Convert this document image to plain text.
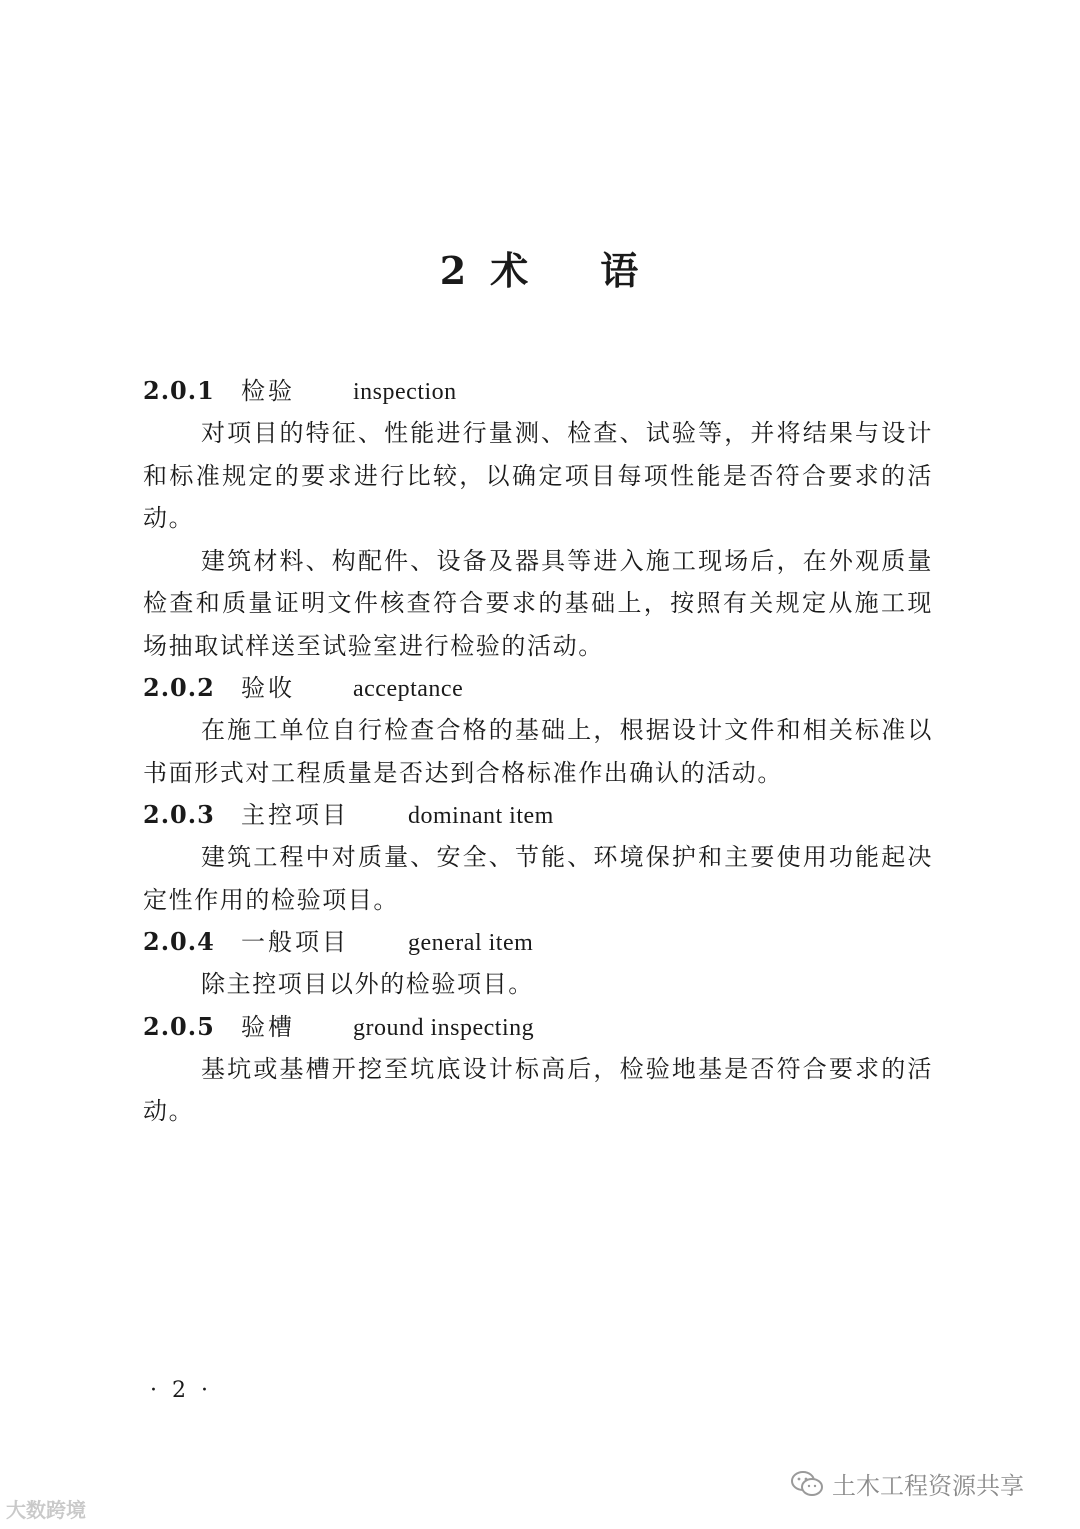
2 术 语
2.0.1 检验 inspection

对项目的特征、性能进行量测、检查、试验等，并将结果与设计和标准规定的要求进行比较，以确定项目每项性能是否符合要求的活动。

建筑材料、构配件、设备及器具等进入施工现场后，在外观质量检查和质量证明文件核查符合要求的基础上，按照有关规定从施工现场抽取试样送至试验室进行检验的活动。

2.0.2 验收 acceptance

在施工单位自行检查合格的基础上，根据设计文件和相关标准以书面形式对工程质量是否达到合格标准作出确认的活动。

2.0.3 主控项目 dominant item

建筑工程中对质量、安全、节能、环境保护和主要使用功能起决定性作用的检验项目。

2.0.4 一般项目 general item

除主控项目以外的检验项目。

2.0.5 验槽 ground inspecting

基坑或基槽开挖至坑底设计标高后，检验地基是否符合要求的活动。

· 2 ·
大数跨境
土木工程资源共享
